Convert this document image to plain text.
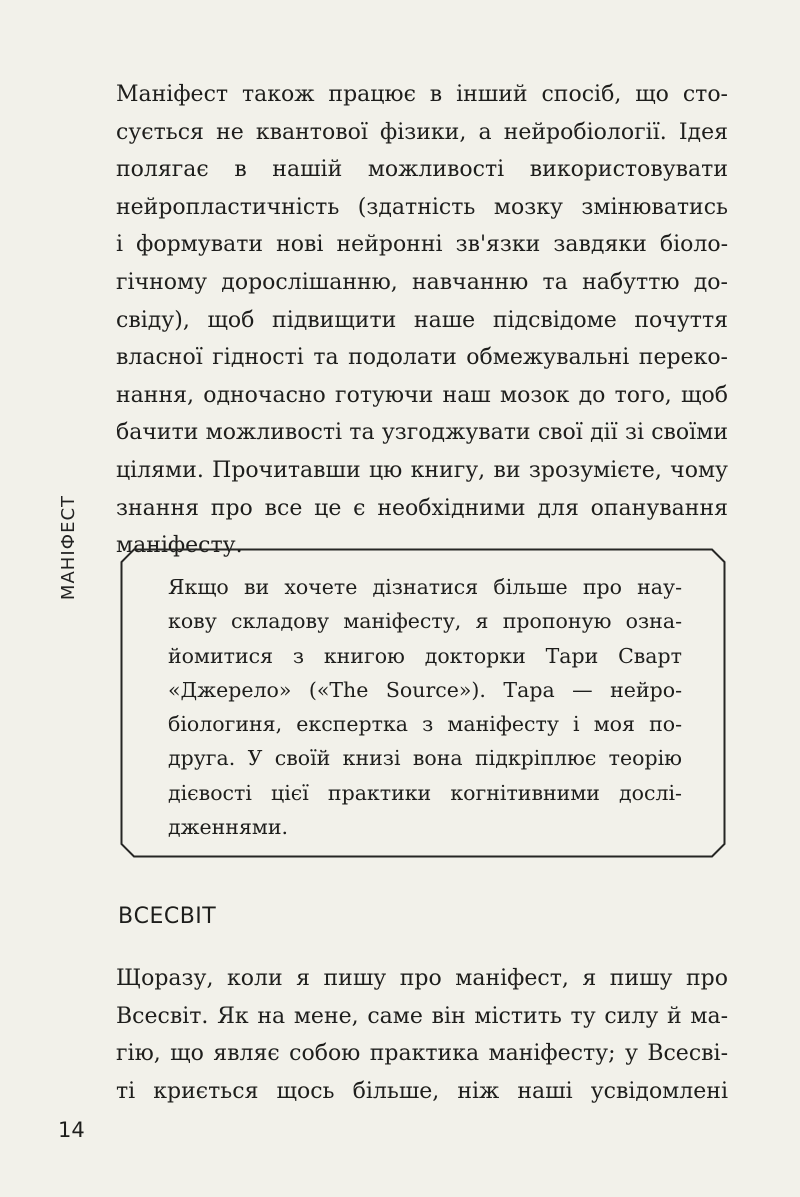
МАНІФЕСТ

Маніфест також працює в інший спосіб, що сто-
сується не квантової фізики, а нейробіології. Ідея
полягає в нашій можливості використовувати
нейропластичність (здатність мозку змінюватись
і формувати нові нейронні зв'язки завдяки біоло-
гічному дорослішанню, навчанню та набуттю до-
свіду), щоб підвищити наше підсвідоме почуття
власної гідності та подолати обмежувальні переко-
нання, одночасно готуючи наш мозок до того, щоб
бачити можливості та узгоджувати свої дії зі своїми
цілями. Прочитавши цю книгу, ви зрозумієте, чому
знання про все це є необхідними для опанування
маніфесту.

Якщо ви хочете дізнатися більше про нау-
кову складову маніфесту, я пропоную озна-
йомитися з книгою докторки Тари Сварт
«Джерело» («The Source»). Тара — нейро-
біологиня, експертка з маніфесту і моя по-
друга. У своїй книзі вона підкріплює теорію
дієвості цієї практики когнітивними дослі-
дженнями.

ВСЕСВІТ

Щоразу, коли я пишу про маніфест, я пишу про
Всесвіт. Як на мене, саме він містить ту силу й ма-
гію, що являє собою практика маніфесту; у Всесві-
ті криється щось більше, ніж наші усвідомлені

14
